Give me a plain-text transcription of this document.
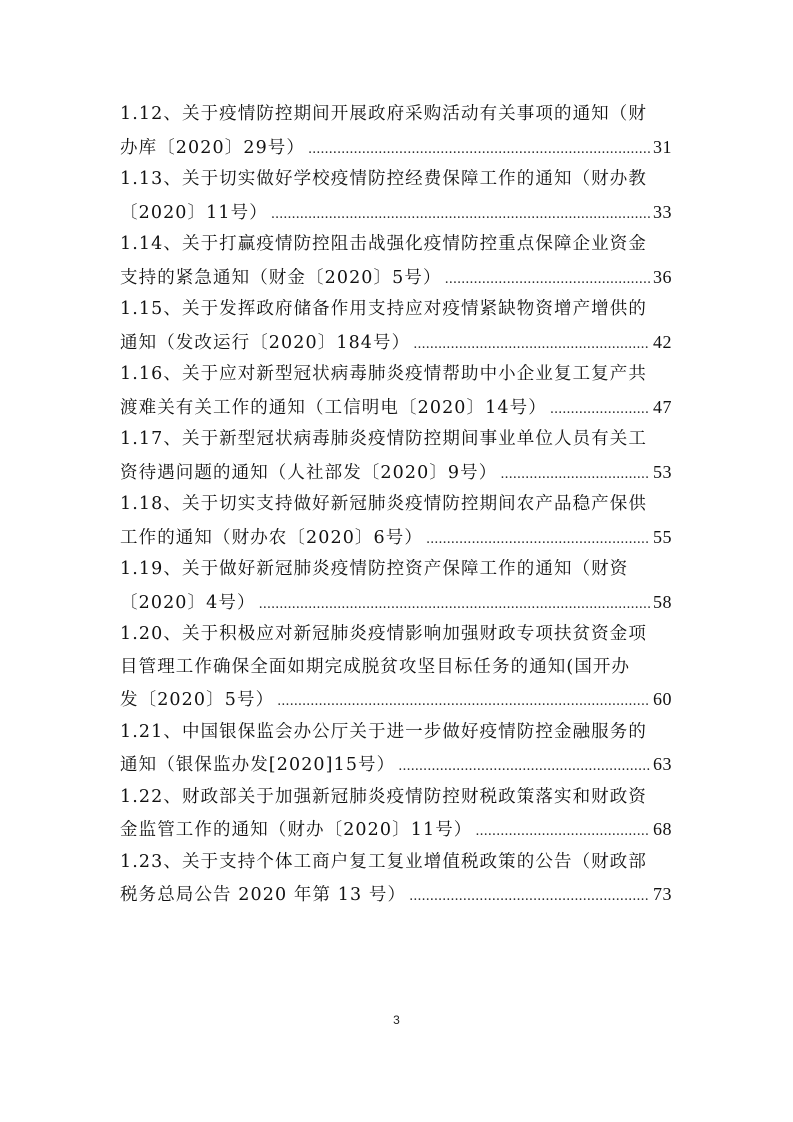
1.12、关于疫情防控期间开展政府采购活动有关事项的通知（财
办库〔2020〕29号） .....	31
1.13、关于切实做好学校疫情防控经费保障工作的通知（财办教
〔2020〕11号） .....	33
1.14、关于打赢疫情防控阻击战强化疫情防控重点保障企业资金
支持的紧急通知（财金〔2020〕5号） .....	36
1.15、关于发挥政府储备作用支持应对疫情紧缺物资增产增供的
通知（发改运行〔2020〕184号） .....	42
1.16、关于应对新型冠状病毒肺炎疫情帮助中小企业复工复产共
渡难关有关工作的通知（工信明电〔2020〕14号） .....	47
1.17、关于新型冠状病毒肺炎疫情防控期间事业单位人员有关工
资待遇问题的通知（人社部发〔2020〕9号） .....	53
1.18、关于切实支持做好新冠肺炎疫情防控期间农产品稳产保供
工作的通知（财办农〔2020〕6号） .....	55
1.19、关于做好新冠肺炎疫情防控资产保障工作的通知（财资
〔2020〕4号） .....	58
1.20、关于积极应对新冠肺炎疫情影响加强财政专项扶贫资金项
目管理工作确保全面如期完成脱贫攻坚目标任务的通知(国开办
发〔2020〕5号） .....	60
1.21、中国银保监会办公厅关于进一步做好疫情防控金融服务的
通知（银保监办发[2020]15号） .....	63
1.22、财政部关于加强新冠肺炎疫情防控财税政策落实和财政资
金监管工作的通知（财办〔2020〕11号） .....	68
1.23、关于支持个体工商户复工复业增值税政策的公告（财政部
税务总局公告 2020 年第 13 号） .....	73
3
